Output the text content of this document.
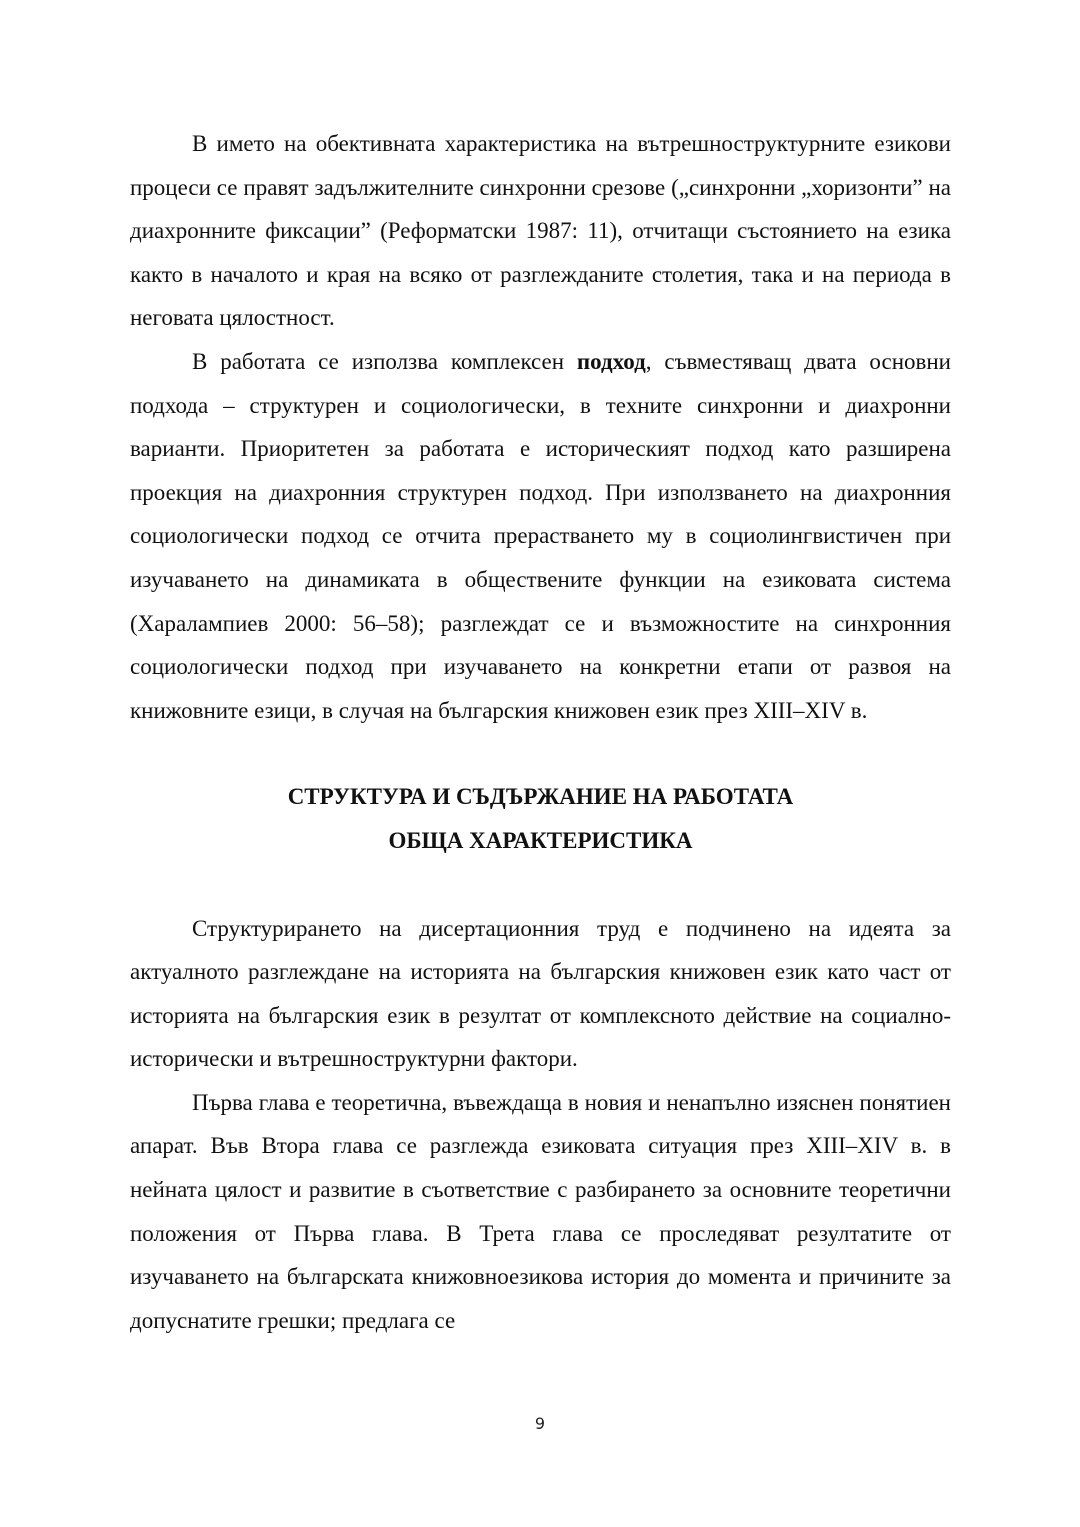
В името на обективната характеристика на вътрешноструктурните езикови процеси се правят задължителните синхронни срезове („синхронни „хоризонти” на диахронните фиксации” (Реформатски 1987: 11), отчитащи състоянието на езика както в началото и края на всяко от разглежданите столетия, така и на периода в неговата цялостност.

В работата се използва комплексен подход, съвместяващ двата основни подхода – структурен и социологически, в техните синхронни и диахронни варианти. Приоритетен за работата е историческият подход като разширена проекция на диахронния структурен подход. При използването на диахронния социологически подход се отчита прерастването му в социолингвистичен при изучаването на динамиката в обществените функции на езиковата система (Харалампиев 2000: 56–58); разглеждат се и възможностите на синхронния социологически подход при изучаването на конкретни етапи от развоя на книжовните езици, в случая на българския книжовен език през XIII–XIV в.

СТРУКТУРА И СЪДЪРЖАНИЕ НА РАБОТАТА

ОБЩА ХАРАКТЕРИСТИКА

Структурирането на дисертационния труд е подчинено на идеята за актуалното разглеждане на историята на българския книжовен език като част от историята на българския език в резултат от комплексното действие на социално-исторически и вътрешноструктурни фактори.

Първа глава е теоретична, въвеждаща в новия и ненапълно изяснен понятиен апарат. Във Втора глава се разглежда езиковата ситуация през XIII–XIV в. в нейната цялост и развитие в съответствие с разбирането за основните теоретични положения от Първа глава. В Трета глава се проследяват резултатите от изучаването на българската книжовноезикова история до момента и причините за допуснатите грешки; предлага се

9
